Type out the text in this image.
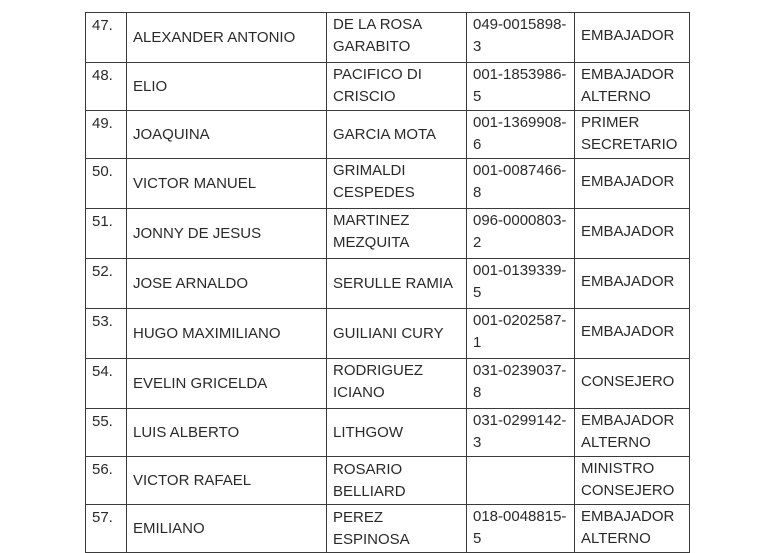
47.	ALEXANDER ANTONIO	DE LA ROSA GARABITO	049-0015898-3	EMBAJADOR
48.	ELIO	PACIFICO DI CRISCIO	001-1853986-5	EMBAJADOR ALTERNO
49.	JOAQUINA	GARCIA MOTA	001-1369908-6	PRIMER SECRETARIO
50.	VICTOR MANUEL	GRIMALDI CESPEDES	001-0087466-8	EMBAJADOR
51.	JONNY DE JESUS	MARTINEZ MEZQUITA	096-0000803-2	EMBAJADOR
52.	JOSE ARNALDO	SERULLE RAMIA	001-0139339-5	EMBAJADOR
53.	HUGO MAXIMILIANO	GUILIANI CURY	001-0202587-1	EMBAJADOR
54.	EVELIN GRICELDA	RODRIGUEZ ICIANO	031-0239037-8	CONSEJERO
55.	LUIS ALBERTO	LITHGOW	031-0299142-3	EMBAJADOR ALTERNO
56.	VICTOR RAFAEL	ROSARIO BELLIARD		MINISTRO CONSEJERO
57.	EMILIANO	PEREZ ESPINOSA	018-0048815-5	EMBAJADOR ALTERNO
